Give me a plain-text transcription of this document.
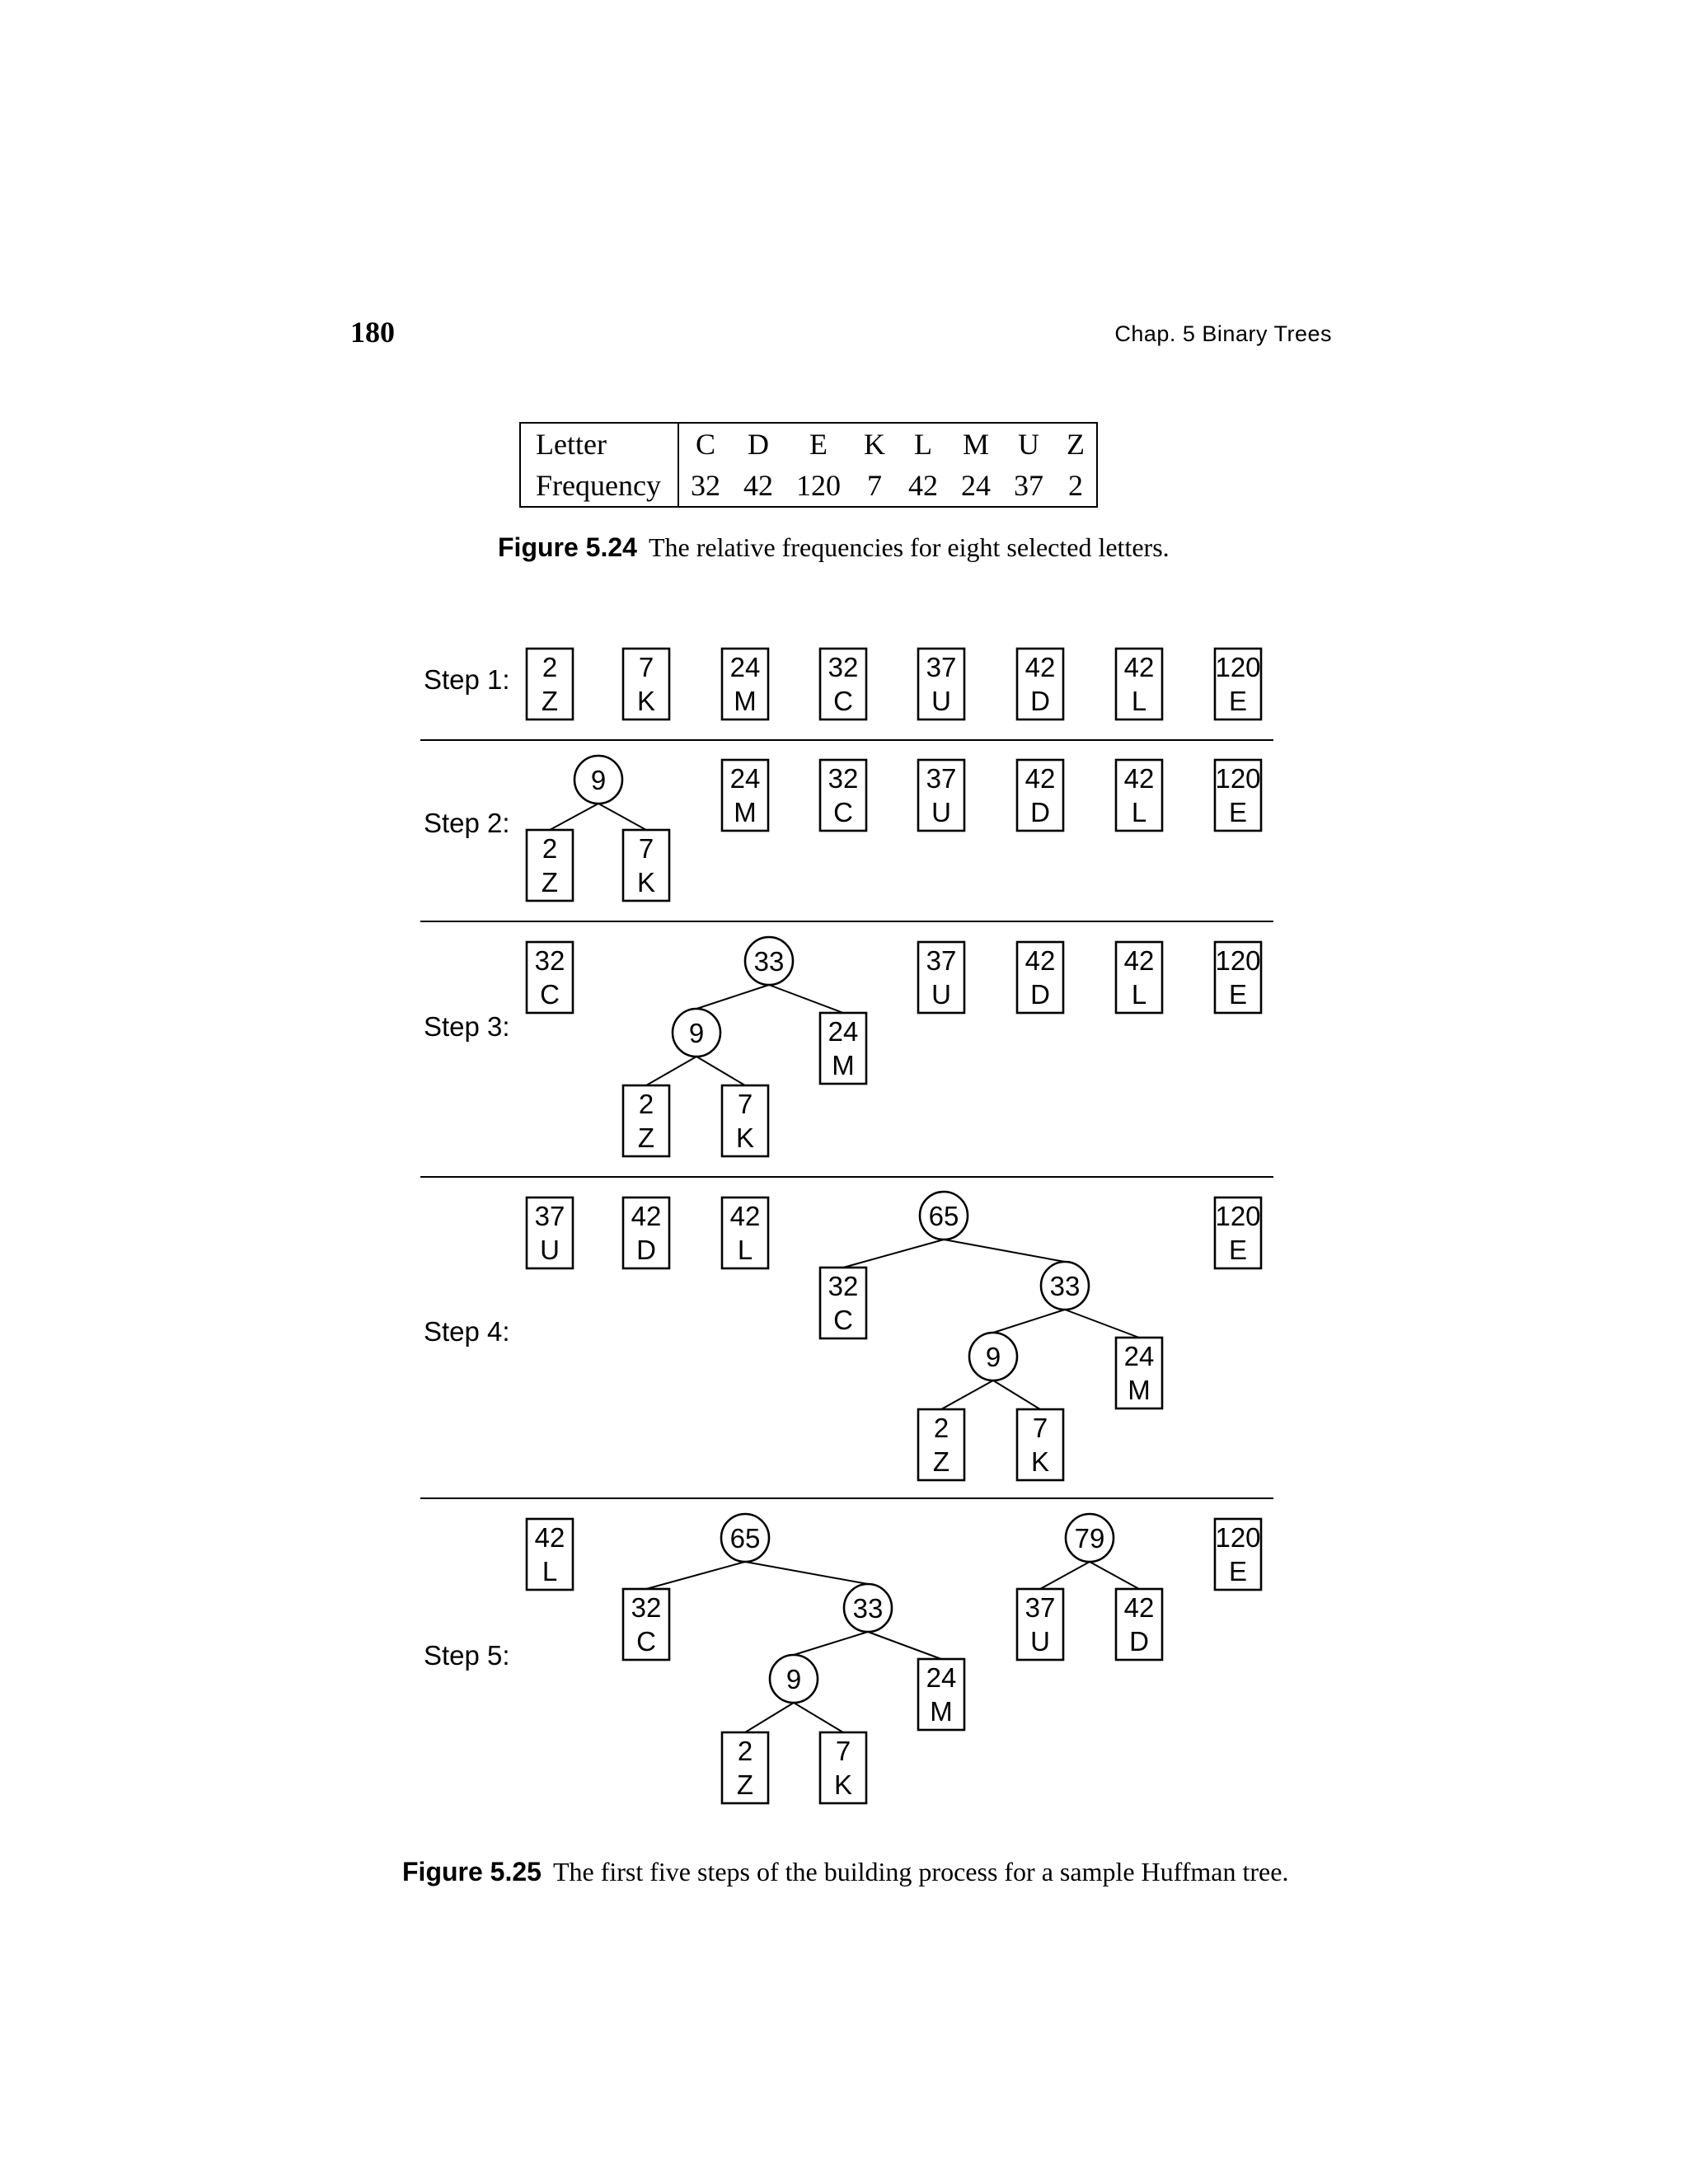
180	Chap. 5 Binary Trees
Letter	C	D	E	K	L	M	U	Z
Frequency	32	42	120	7	42	24	37	2
Figure 5.24 The relative frequencies for eight selected letters.
Step 1: 2
Z
7
K
24
M
32
C
37
U
42
D
42
L
120
E
Step 2:
9
2
Z
7
K
24
M
32
C
37
U
42
D
42
L
120
E
Step 3:
32
C
37
U
42
D
42
L
120
E
33
9	24
M
2
Z
7
K
Step 4:
37
U
42
D
42
L
120
E
65
32
C
33
9	24
M
2
Z
7
K
Step 5:
42
L
120
E
65
32
C
33
9	24
M
2
Z
7
K
79
37
U
42
D
Figure 5.25 The first five steps of the building process for a sample Huffman tree.
